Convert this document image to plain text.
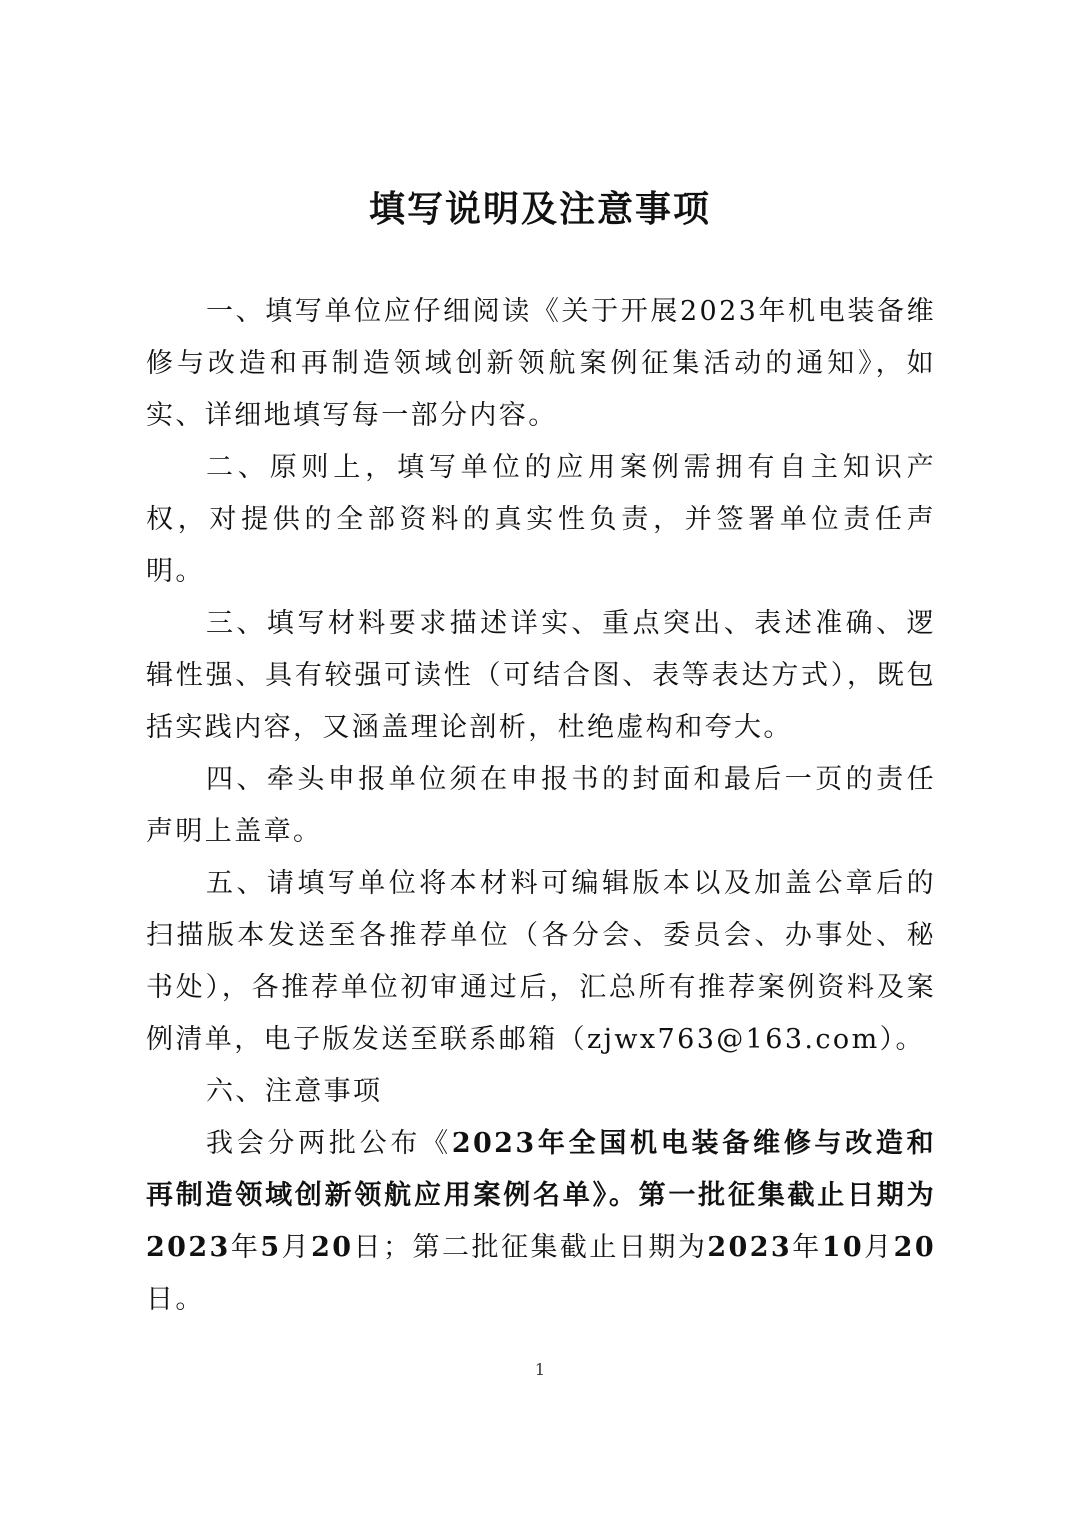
填写说明及注意事项

一、填写单位应仔细阅读《关于开展2023年机电装备维修与改造和再制造领域创新领航案例征集活动的通知》，如实、详细地填写每一部分内容。

二、原则上，填写单位的应用案例需拥有自主知识产权，对提供的全部资料的真实性负责，并签署单位责任声明。

三、填写材料要求描述详实、重点突出、表述准确、逻辑性强、具有较强可读性（可结合图、表等表达方式），既包括实践内容，又涵盖理论剖析，杜绝虚构和夸大。

四、牵头申报单位须在申报书的封面和最后一页的责任声明上盖章。

五、请填写单位将本材料可编辑版本以及加盖公章后的扫描版本发送至各推荐单位（各分会、委员会、办事处、秘书处），各推荐单位初审通过后，汇总所有推荐案例资料及案例清单，电子版发送至联系邮箱（zjwx763@163.com）。

六、注意事项

我会分两批公布《2023年全国机电装备维修与改造和再制造领域创新领航应用案例名单》。第一批征集截止日期为2023年5月20日；第二批征集截止日期为2023年10月20日。

1
